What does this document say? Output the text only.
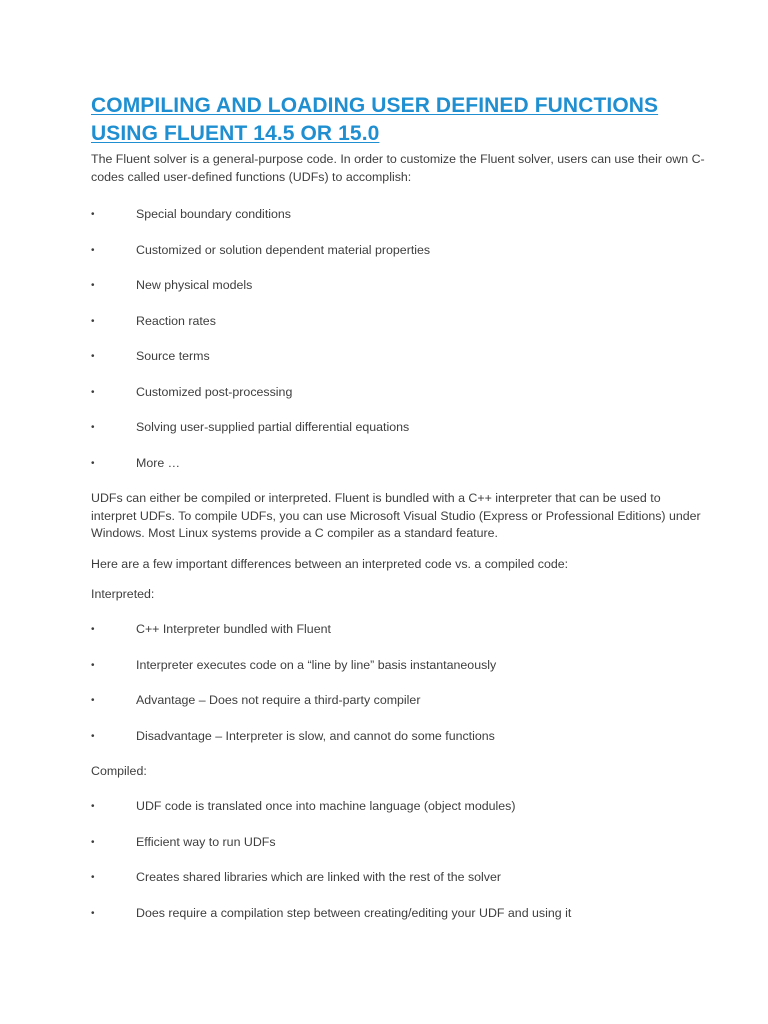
COMPILING AND LOADING USER DEFINED FUNCTIONS USING FLUENT 14.5 OR 15.0

The Fluent solver is a general-purpose code. In order to customize the Fluent solver, users can use their own C-codes called user-defined functions (UDFs) to accomplish:

•	Special boundary conditions
•	Customized or solution dependent material properties
•	New physical models
•	Reaction rates
•	Source terms
•	Customized post-processing
•	Solving user-supplied partial differential equations
•	More …

UDFs can either be compiled or interpreted. Fluent is bundled with a C++ interpreter that can be used to interpret UDFs. To compile UDFs, you can use Microsoft Visual Studio (Express or Professional Editions) under Windows. Most Linux systems provide a C compiler as a standard feature.

Here are a few important differences between an interpreted code vs. a compiled code:

Interpreted:

•	C++ Interpreter bundled with Fluent
•	Interpreter executes code on a “line by line” basis instantaneously
•	Advantage – Does not require a third-party compiler
•	Disadvantage – Interpreter is slow, and cannot do some functions

Compiled:

•	UDF code is translated once into machine language (object modules)
•	Efficient way to run UDFs
•	Creates shared libraries which are linked with the rest of the solver
•	Does require a compilation step between creating/editing your UDF and using it
